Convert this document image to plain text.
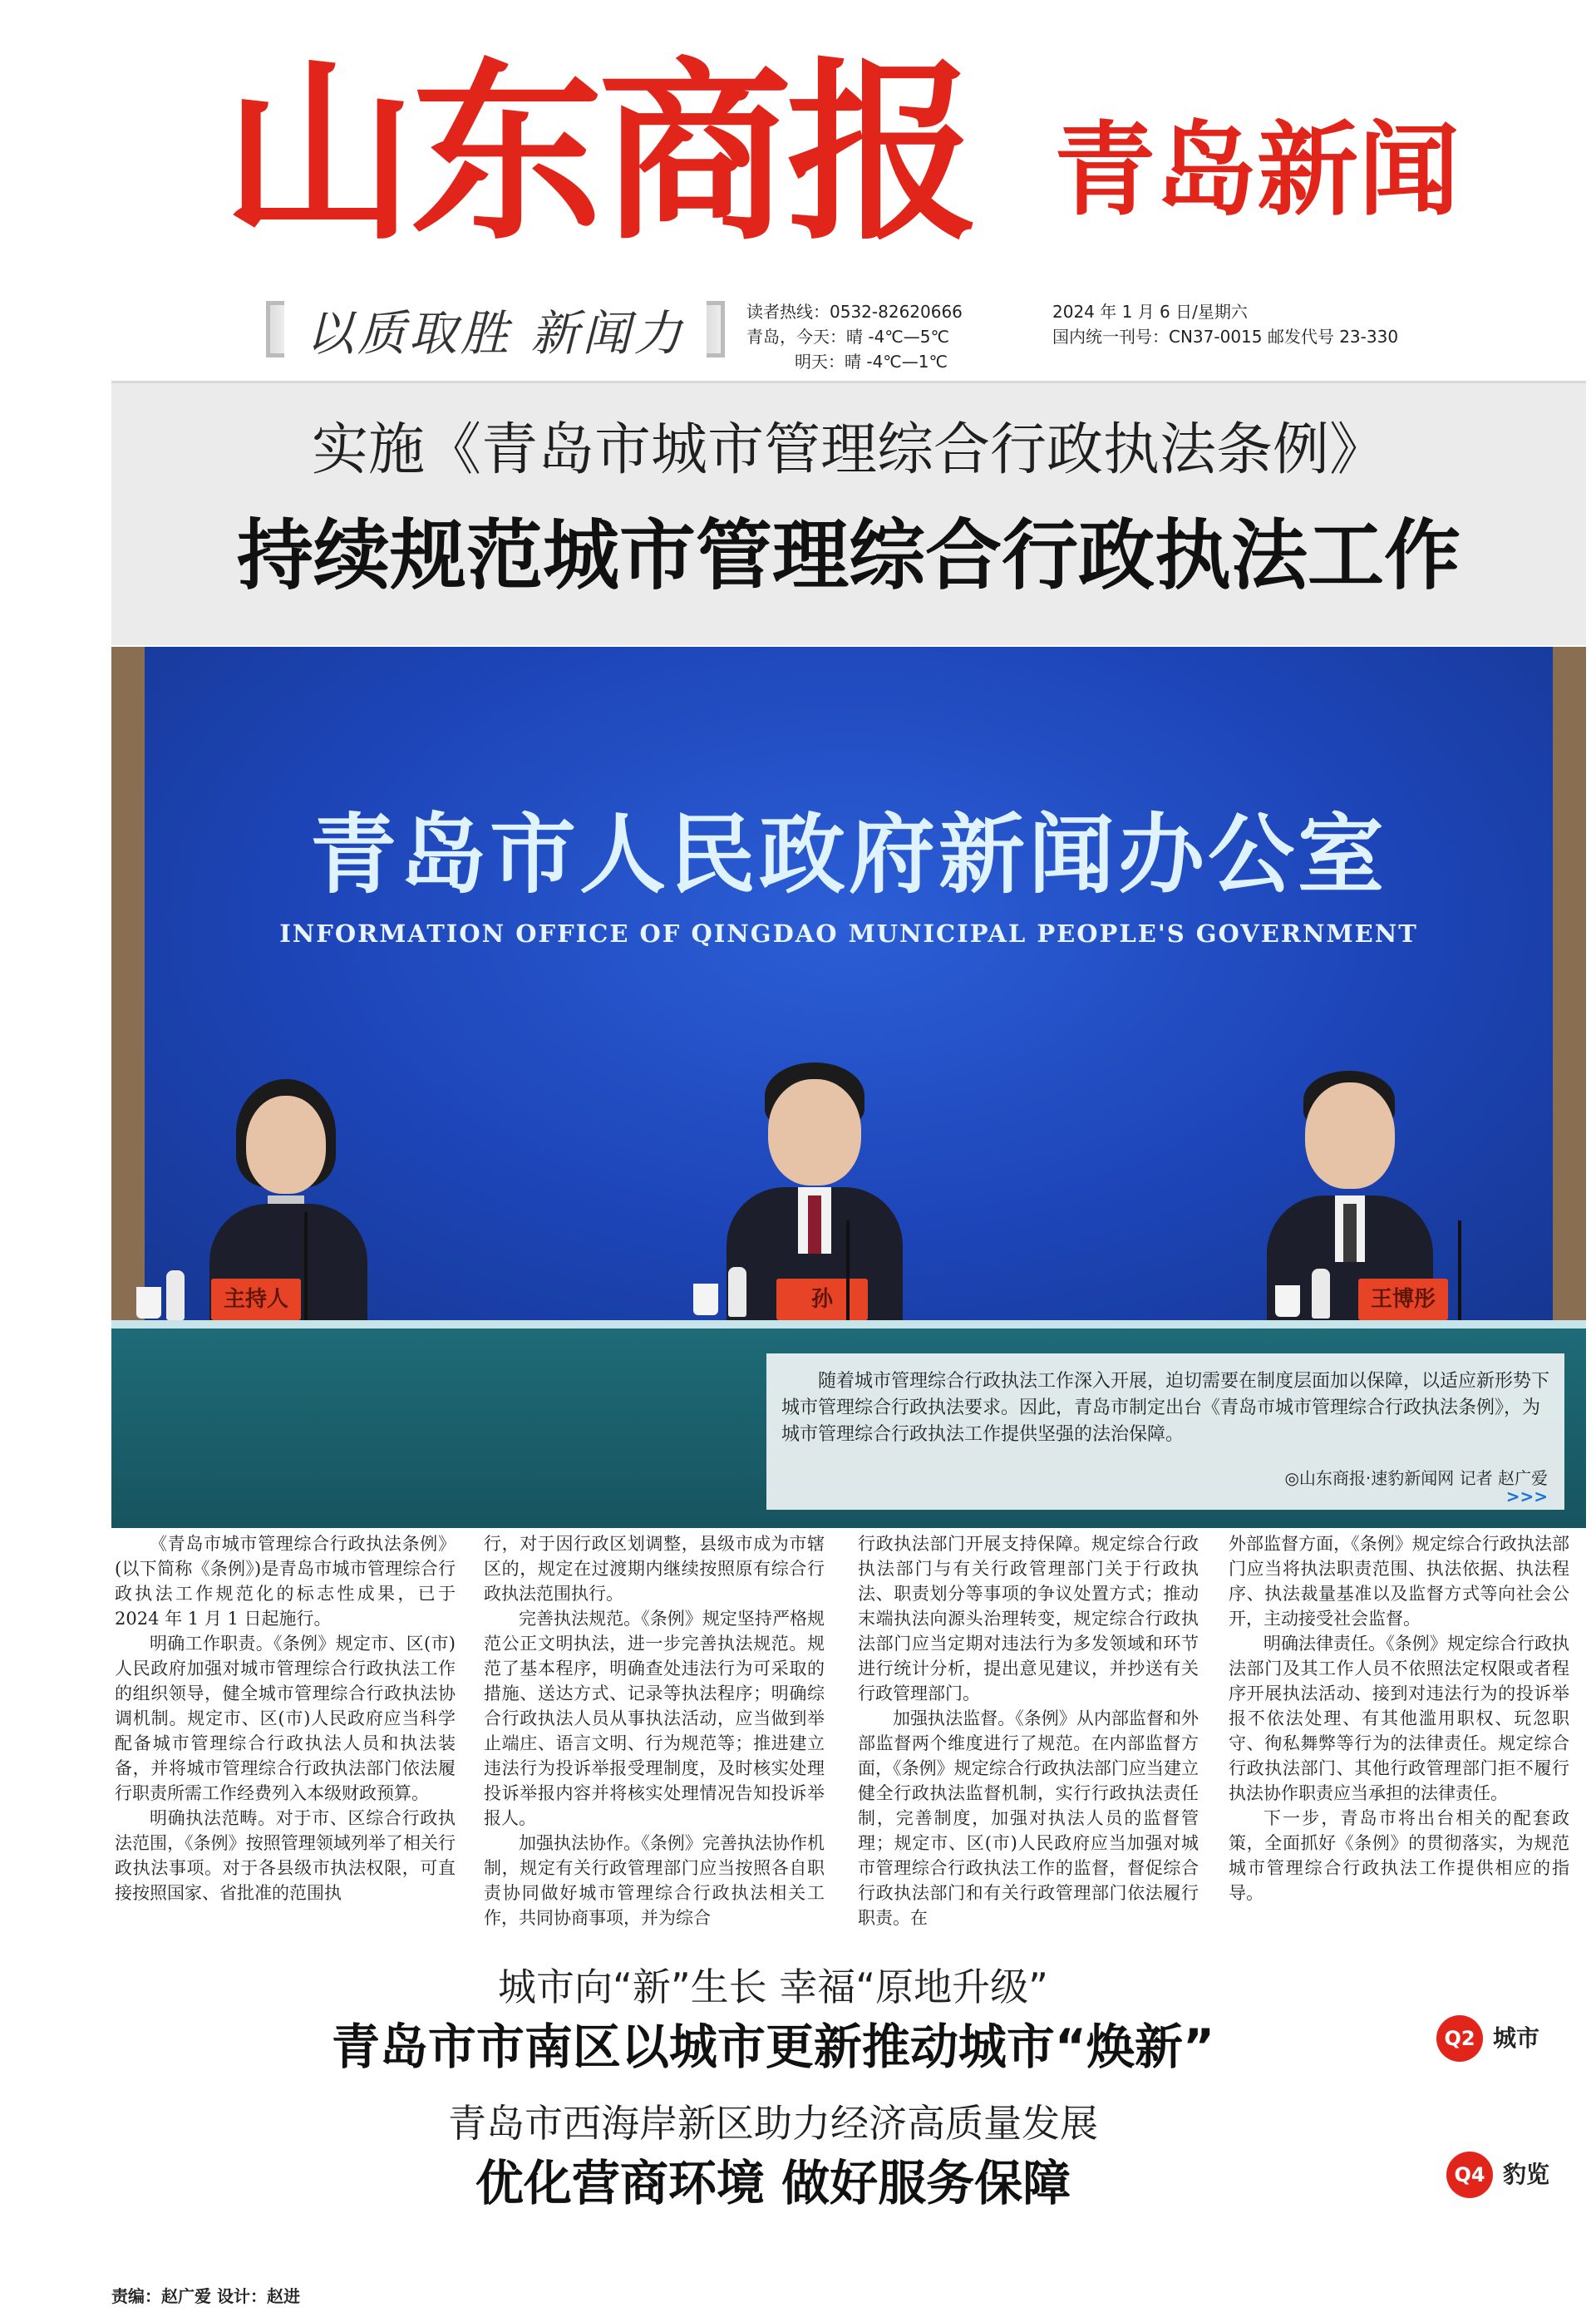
山东商报 青岛新闻
以质取胜 新闻力	读者热线：0532-82620666
青岛，今天：晴 -4℃—5℃
明天：晴 -4℃—1℃
2024 年 1 月 6 日/星期六
国内统一刊号：CN37-0015 邮发代号 23-330
实施《青岛市城市管理综合行政执法条例》
持续规范城市管理综合行政执法工作
青岛市人民政府新闻办公室
INFORMATION OFFICE OF QINGDAO MUNICIPAL PEOPLE'S GOVERNMENT
主持人	孙	王博彤
随着城市管理综合行政执法工作深入开展，迫切需要在制度层面加以保障，以适应新形势下城市管理综合行政执法要求。因此，青岛市制定出台《青岛市城市管理综合行政执法条例》，为城市管理综合行政执法工作提供坚强的法治保障。
◎山东商报·速豹新闻网 记者 赵广爱
>>>

《青岛市城市管理综合行政执法条例》(以下简称《条例》)是青岛市城市管理综合行政执法工作规范化的标志性成果，已于 2024 年 1 月 1 日起施行。

明确工作职责。《条例》规定市、区(市)人民政府加强对城市管理综合行政执法工作的组织领导，健全城市管理综合行政执法协调机制。规定市、区(市)人民政府应当科学配备城市管理综合行政执法人员和执法装备，并将城市管理综合行政执法部门依法履行职责所需工作经费列入本级财政预算。

明确执法范畴。对于市、区综合行政执法范围，《条例》按照管理领域列举了相关行政执法事项。对于各县级市执法权限，可直接按照国家、省批准的范围执

行，对于因行政区划调整，县级市成为市辖区的，规定在过渡期内继续按照原有综合行政执法范围执行。

完善执法规范。《条例》规定坚持严格规范公正文明执法，进一步完善执法规范。规范了基本程序，明确查处违法行为可采取的措施、送达方式、记录等执法程序；明确综合行政执法人员从事执法活动，应当做到举止端庄、语言文明、行为规范等；推进建立违法行为投诉举报受理制度，及时核实处理投诉举报内容并将核实处理情况告知投诉举报人。

加强执法协作。《条例》完善执法协作机制，规定有关行政管理部门应当按照各自职责协同做好城市管理综合行政执法相关工作，共同协商事项，并为综合

行政执法部门开展支持保障。规定综合行政执法部门与有关行政管理部门关于行政执法、职责划分等事项的争议处置方式；推动末端执法向源头治理转变，规定综合行政执法部门应当定期对违法行为多发领域和环节进行统计分析，提出意见建议，并抄送有关行政管理部门。

加强执法监督。《条例》从内部监督和外部监督两个维度进行了规范。在内部监督方面，《条例》规定综合行政执法部门应当建立健全行政执法监督机制，实行行政执法责任制，完善制度，加强对执法人员的监督管理；规定市、区(市)人民政府应当加强对城市管理综合行政执法工作的监督，督促综合行政执法部门和有关行政管理部门依法履行职责。在

外部监督方面，《条例》规定综合行政执法部门应当将执法职责范围、执法依据、执法程序、执法裁量基准以及监督方式等向社会公开，主动接受社会监督。

明确法律责任。《条例》规定综合行政执法部门及其工作人员不依照法定权限或者程序开展执法活动、接到对违法行为的投诉举报不依法处理、有其他滥用职权、玩忽职守、徇私舞弊等行为的法律责任。规定综合行政执法部门、其他行政管理部门拒不履行执法协作职责应当承担的法律责任。

下一步，青岛市将出台相关的配套政策，全面抓好《条例》的贯彻落实，为规范城市管理综合行政执法工作提供相应的指导。

城市向“新”生长 幸福“原地升级”
青岛市市南区以城市更新推动城市“焕新”	Q2 城市
青岛市西海岸新区助力经济高质量发展
优化营商环境 做好服务保障	Q4 豹览
责编：赵广爱 设计：赵进
